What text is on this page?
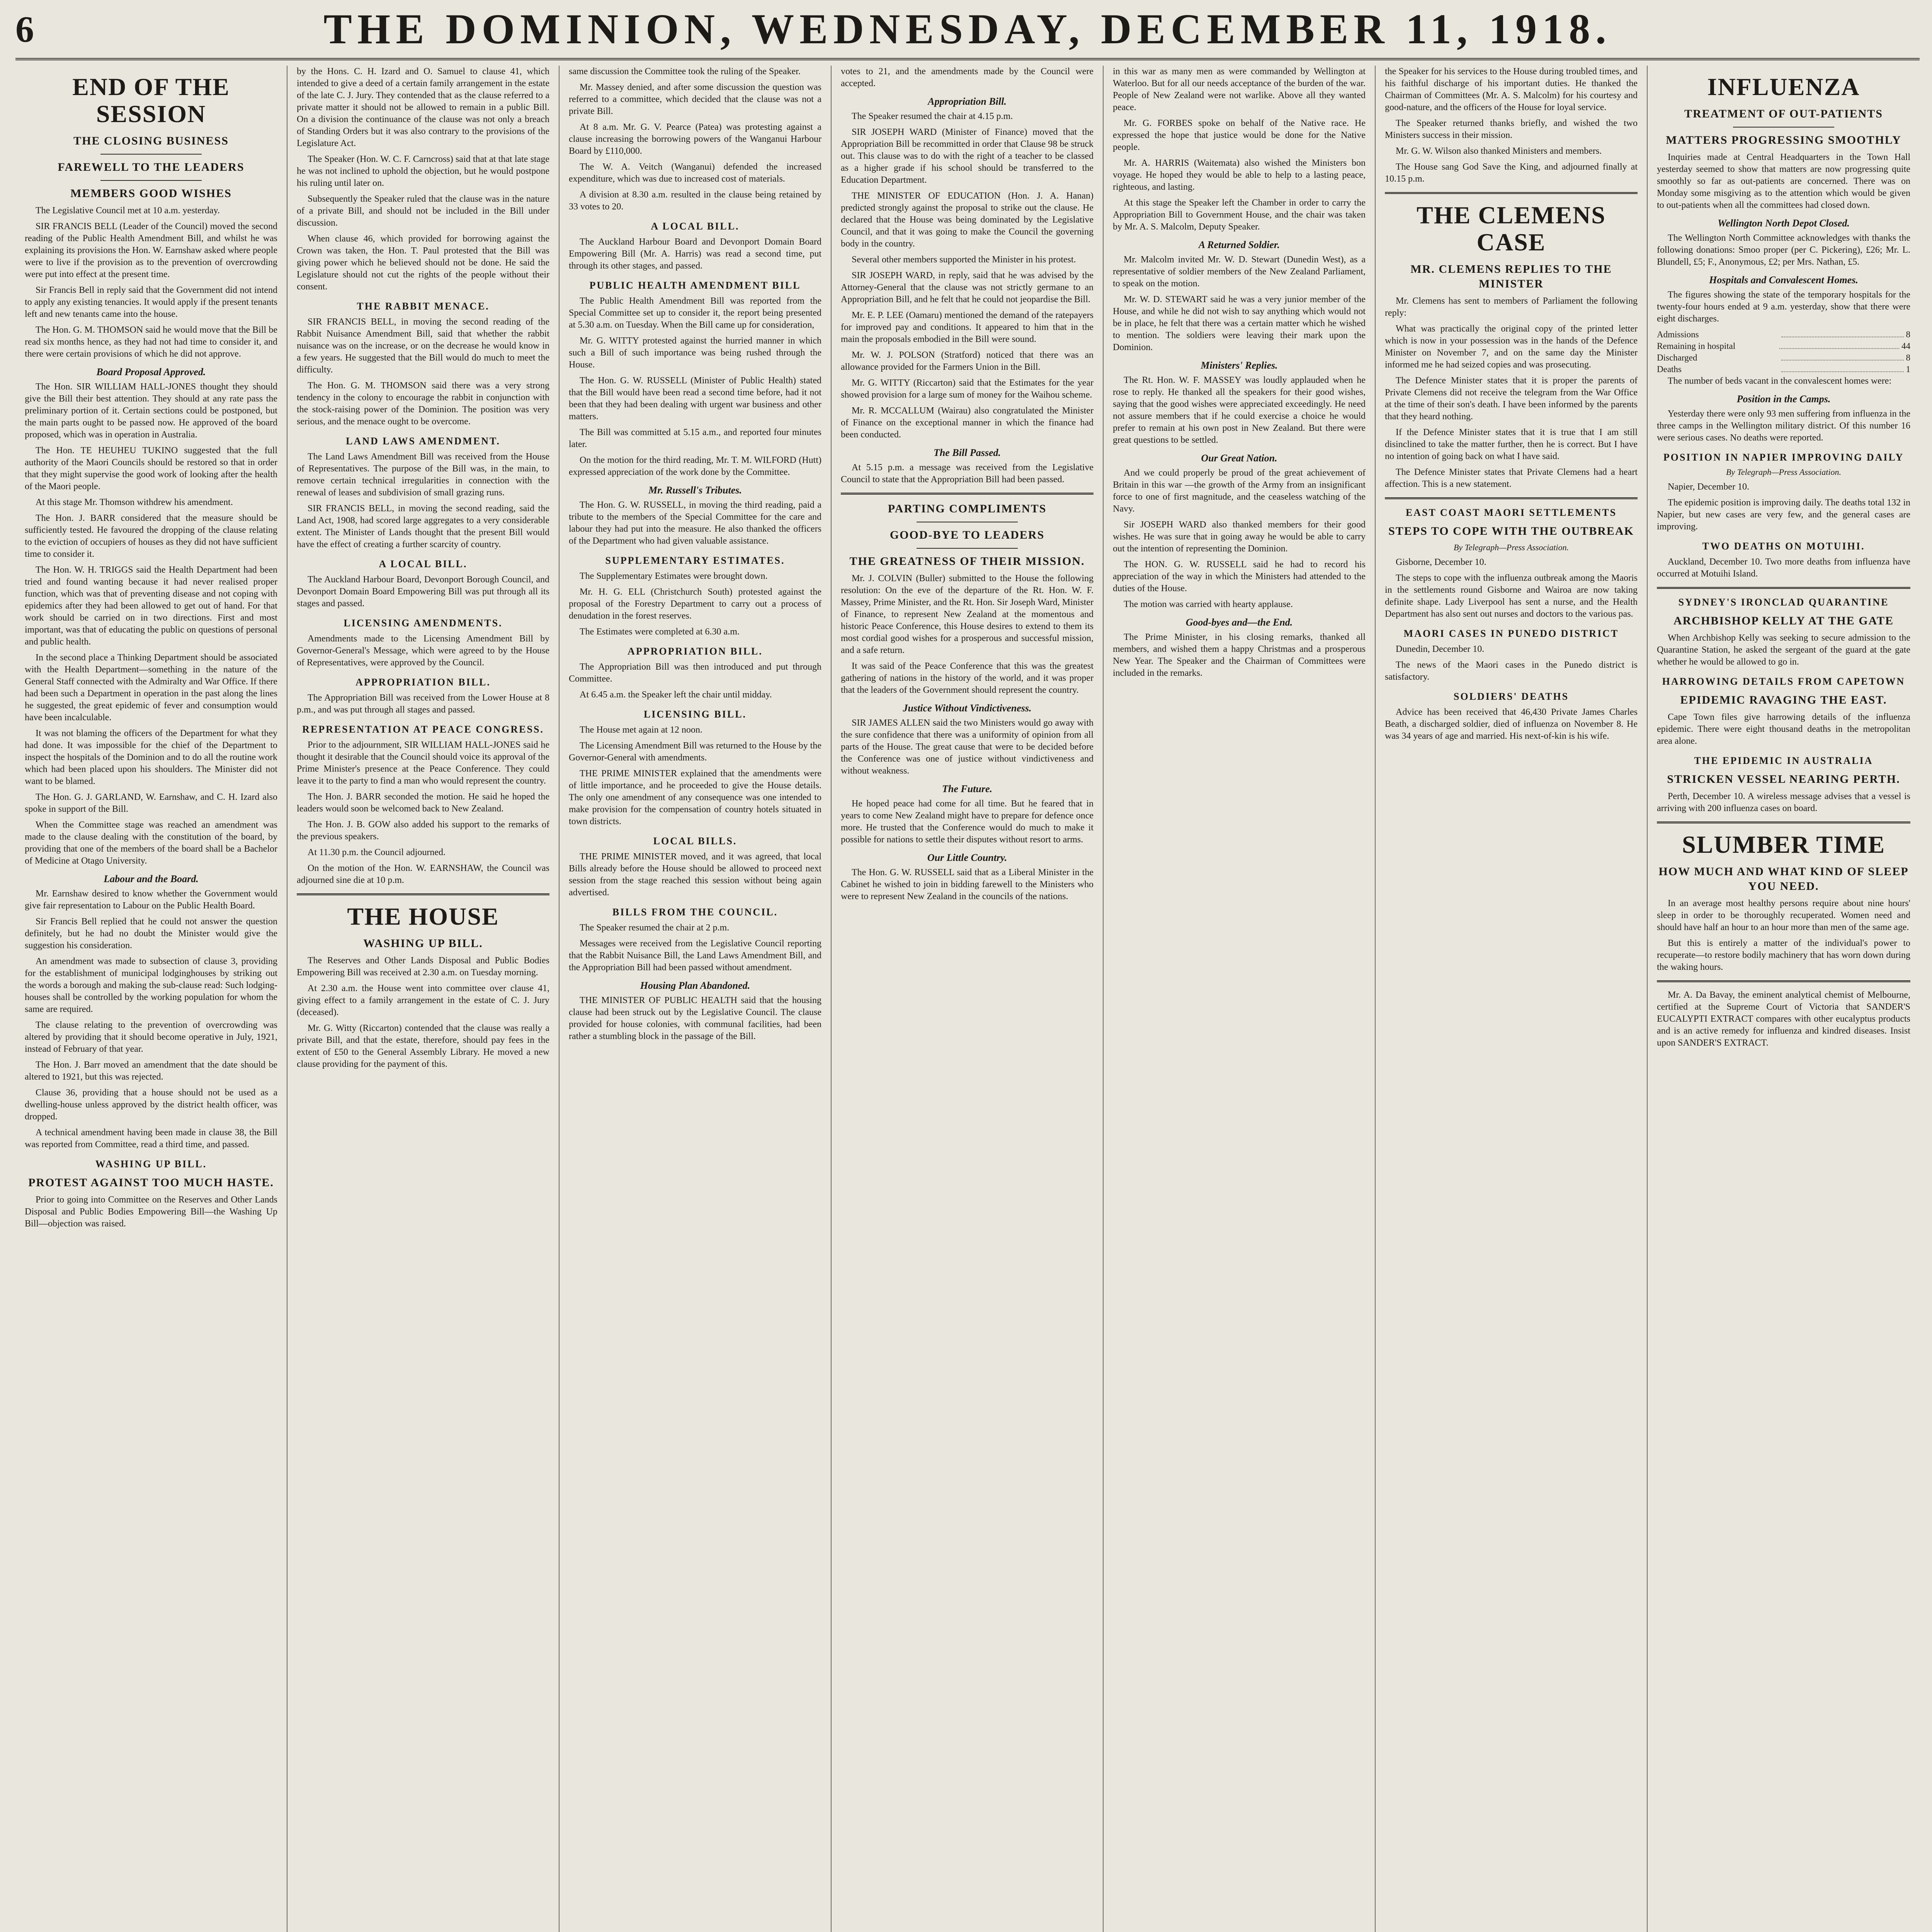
6	THE DOMINION, WEDNESDAY, DECEMBER 11, 1918.
END OF THE SESSION
THE CLOSING BUSINESS
FAREWELL TO THE LEADERS
MEMBERS GOOD WISHES

The Legislative Council met at 10 a.m. yesterday.

SIR FRANCIS BELL (Leader of the Council) moved the second reading of the Public Health Amendment Bill, and whilst he was explaining its provisions the Hon. W. Earnshaw asked where people were to live if the provision as to the prevention of overcrowding were put into effect at the present time.

Sir Francis Bell in reply said that the Government did not intend to apply any existing tenancies. It would apply if the present tenants left and new tenants came into the house.

The Hon. G. M. THOMSON said he would move that the Bill be read six months hence, as they had not had time to consider it, and there were certain provisions of which he did not approve.

Board Proposal Approved.

The Hon. SIR WILLIAM HALL-JONES thought they should give the Bill their best attention. They should at any rate pass the preliminary portion of it. Certain sections could be postponed, but the main parts ought to be passed now. He approved of the board proposed, which was in operation in Australia.

The Hon. TE HEUHEU TUKINO suggested that the full authority of the Maori Councils should be restored so that in order that they might supervise the good work of looking after the health of the Maori people.

At this stage Mr. Thomson withdrew his amendment.

The Hon. J. BARR considered that the measure should be sufficiently tested. He favoured the dropping of the clause relating to the eviction of occupiers of houses as they did not have sufficient time to consider it.

The Hon. W. H. TRIGGS said the Health Department had been tried and found wanting because it had never realised proper function, which was that of preventing disease and not coping with epidemics after they had been allowed to get out of hand. For that work should be carried on in two directions. First and most important, was that of educating the public on questions of personal and public health.

In the second place a Thinking Department should be associated with the Health Department—something in the nature of the General Staff connected with the Admiralty and War Office. If there had been such a Department in operation in the past along the lines he suggested, the great epidemic of fever and consumption would have been incalculable.

It was not blaming the officers of the Department for what they had done. It was impossible for the chief of the Department to inspect the hospitals of the Dominion and to do all the routine work which had been placed upon his shoulders. The Minister did not want to be blamed.

The Hon. G. J. GARLAND, W. Earnshaw, and C. H. Izard also spoke in support of the Bill.

When the Committee stage was reached an amendment was made to the clause dealing with the constitution of the board, by providing that one of the members of the board shall be a Bachelor of Medicine at Otago University.

Labour and the Board.

Mr. Earnshaw desired to know whether the Government would give fair representation to Labour on the Public Health Board.

Sir Francis Bell replied that he could not answer the question definitely, but he had no doubt the Minister would give the suggestion his consideration.

An amendment was made to subsection of clause 3, providing for the establishment of municipal lodginghouses by striking out the words a borough and making the sub-clause read: Such lodging-houses shall be controlled by the working population for whom the same are required.

The clause relating to the prevention of overcrowding was altered by providing that it should become operative in July, 1921, instead of February of that year.

The Hon. J. Barr moved an amendment that the date should be altered to 1921, but this was rejected.

Clause 36, providing that a house should not be used as a dwelling-house unless approved by the district health officer, was dropped.

A technical amendment having been made in clause 38, the Bill was reported from Committee, read a third time, and passed.

WASHING UP BILL.
PROTEST AGAINST TOO MUCH HASTE.

Prior to going into Committee on the Reserves and Other Lands Disposal and Public Bodies Empowering Bill—the Washing Up Bill—objection was raised.

by the Hons. C. H. Izard and O. Samuel to clause 41, which intended to give a deed of a certain family arrangement in the estate of the late C. J. Jury. They contended that as the clause referred to a private matter it should not be allowed to remain in a public Bill. On a division the continuance of the clause was not only a breach of Standing Orders but it was also contrary to the provisions of the Legislature Act.

The Speaker (Hon. W. C. F. Carncross) said that at that late stage he was not inclined to uphold the objection, but he would postpone his ruling until later on.

Subsequently the Speaker ruled that the clause was in the nature of a private Bill, and should not be included in the Bill under discussion.

When clause 46, which provided for borrowing against the Crown was taken, the Hon. T. Paul protested that the Bill was giving power which he believed should not be done. He said the Legislature should not cut the rights of the people without their consent.

THE RABBIT MENACE.

SIR FRANCIS BELL, in moving the second reading of the Rabbit Nuisance Amendment Bill, said that whether the rabbit nuisance was on the increase, or on the decrease he would know in a few years. He suggested that the Bill would do much to meet the difficulty.

The Hon. G. M. THOMSON said there was a very strong tendency in the colony to encourage the rabbit in conjunction with the stock-raising power of the Dominion. The position was very serious, and the menace ought to be overcome.

LAND LAWS AMENDMENT.

The Land Laws Amendment Bill was received from the House of Representatives. The purpose of the Bill was, in the main, to remove certain technical irregularities in connection with the renewal of leases and subdivision of small grazing runs.

SIR FRANCIS BELL, in moving the second reading, said the Land Act, 1908, had scored large aggregates to a very considerable extent. The Minister of Lands thought that the present Bill would have the effect of creating a further scarcity of country.

A LOCAL BILL.

The Auckland Harbour Board, Devonport Borough Council, and Devonport Domain Board Empowering Bill was put through all its stages and passed.

LICENSING AMENDMENTS.

Amendments made to the Licensing Amendment Bill by Governor-General's Message, which were agreed to by the House of Representatives, were approved by the Council.

APPROPRIATION BILL.

The Appropriation Bill was received from the Lower House at 8 p.m., and was put through all stages and passed.

REPRESENTATION AT PEACE CONGRESS.

Prior to the adjournment, SIR WILLIAM HALL-JONES said he thought it desirable that the Council should voice its approval of the Prime Minister's presence at the Peace Conference. They could leave it to the party to find a man who would represent the country.

The Hon. J. BARR seconded the motion. He said he hoped the leaders would soon be welcomed back to New Zealand.

The Hon. J. B. GOW also added his support to the remarks of the previous speakers.

At 11.30 p.m. the Council adjourned.

On the motion of the Hon. W. EARNSHAW, the Council was adjourned sine die at 10 p.m.

THE HOUSE
WASHING UP BILL.

The Reserves and Other Lands Disposal and Public Bodies Empowering Bill was received at 2.30 a.m. on Tuesday morning.

At 2.30 a.m. the House went into committee over clause 41, giving effect to a family arrangement in the estate of C. J. Jury (deceased).

Mr. G. Witty (Riccarton) contended that the clause was really a private Bill, and that the estate, therefore, should pay fees in the extent of £50 to the General Assembly Library. He moved a new clause providing for the payment of this.

same discussion the Committee took the ruling of the Speaker.

Mr. Massey denied, and after some discussion the question was referred to a committee, which decided that the clause was not a private Bill.

At 8 a.m. Mr. G. V. Pearce (Patea) was protesting against a clause increasing the borrowing powers of the Wanganui Harbour Board by £110,000.

The W. A. Veitch (Wanganui) defended the increased expenditure, which was due to increased cost of materials.

A division at 8.30 a.m. resulted in the clause being retained by 33 votes to 20.

A LOCAL BILL.

The Auckland Harbour Board and Devonport Domain Board Empowering Bill (Mr. A. Harris) was read a second time, put through its other stages, and passed.

PUBLIC HEALTH AMENDMENT BILL

The Public Health Amendment Bill was reported from the Special Committee set up to consider it, the report being presented at 5.30 a.m. on Tuesday. When the Bill came up for consideration,

Mr. G. WITTY protested against the hurried manner in which such a Bill of such importance was being rushed through the House.

The Hon. G. W. RUSSELL (Minister of Public Health) stated that the Bill would have been read a second time before, had it not been that they had been dealing with urgent war business and other matters.

The Bill was committed at 5.15 a.m., and reported four minutes later.

On the motion for the third reading, Mr. T. M. WILFORD (Hutt) expressed appreciation of the work done by the Committee.

Mr. Russell's Tributes.

The Hon. G. W. RUSSELL, in moving the third reading, paid a tribute to the members of the Special Committee for the care and labour they had put into the measure. He also thanked the officers of the Department who had given valuable assistance.

SUPPLEMENTARY ESTIMATES.

The Supplementary Estimates were brought down.

Mr. H. G. ELL (Christchurch South) protested against the proposal of the Forestry Department to carry out a process of denudation in the forest reserves.

The Estimates were completed at 6.30 a.m.

APPROPRIATION BILL.

The Appropriation Bill was then introduced and put through Committee.

At 6.45 a.m. the Speaker left the chair until midday.

LICENSING BILL.

The House met again at 12 noon.

The Licensing Amendment Bill was returned to the House by the Governor-General with amendments.

THE PRIME MINISTER explained that the amendments were of little importance, and he proceeded to give the House details. The only one amendment of any consequence was one intended to make provision for the compensation of country hotels situated in town districts.

LOCAL BILLS.

THE PRIME MINISTER moved, and it was agreed, that local Bills already before the House should be allowed to proceed next session from the stage reached this session without being again advertised.

BILLS FROM THE COUNCIL.

The Speaker resumed the chair at 2 p.m.

Messages were received from the Legislative Council reporting that the Rabbit Nuisance Bill, the Land Laws Amendment Bill, and the Appropriation Bill had been passed without amendment.

Housing Plan Abandoned.

THE MINISTER OF PUBLIC HEALTH said that the housing clause had been struck out by the Legislative Council. The clause provided for house colonies, with communal facilities, had been rather a stumbling block in the passage of the Bill.

votes to 21, and the amendments made by the Council were accepted.

Appropriation Bill.

The Speaker resumed the chair at 4.15 p.m.

SIR JOSEPH WARD (Minister of Finance) moved that the Appropriation Bill be recommitted in order that Clause 98 be struck out. This clause was to do with the right of a teacher to be classed as a higher grade if his school should be transferred to the Education Department.

THE MINISTER OF EDUCATION (Hon. J. A. Hanan) predicted strongly against the proposal to strike out the clause. He declared that the House was being dominated by the Legislative Council, and that it was going to make the Council the governing body in the country.

Several other members supported the Minister in his protest.

SIR JOSEPH WARD, in reply, said that he was advised by the Attorney-General that the clause was not strictly germane to an Appropriation Bill, and he felt that he could not jeopardise the Bill.

Mr. E. P. LEE (Oamaru) mentioned the demand of the ratepayers for improved pay and conditions. It appeared to him that in the main the proposals embodied in the Bill were sound.

Mr. W. J. POLSON (Stratford) noticed that there was an allowance provided for the Farmers Union in the Bill.

Mr. G. WITTY (Riccarton) said that the Estimates for the year showed provision for a large sum of money for the Waihou scheme.

Mr. R. MCCALLUM (Wairau) also congratulated the Minister of Finance on the exceptional manner in which the finance had been conducted.

The Bill Passed.

At 5.15 p.m. a message was received from the Legislative Council to state that the Appropriation Bill had been passed.

PARTING COMPLIMENTS
GOOD-BYE TO LEADERS
THE GREATNESS OF THEIR MISSION.

Mr. J. COLVIN (Buller) submitted to the House the following resolution: On the eve of the departure of the Rt. Hon. W. F. Massey, Prime Minister, and the Rt. Hon. Sir Joseph Ward, Minister of Finance, to represent New Zealand at the momentous and historic Peace Conference, this House desires to extend to them its most cordial good wishes for a prosperous and successful mission, and a safe return.

It was said of the Peace Conference that this was the greatest gathering of nations in the history of the world, and it was proper that the leaders of the Government should represent the country.

Justice Without Vindictiveness.

SIR JAMES ALLEN said the two Ministers would go away with the sure confidence that there was a uniformity of opinion from all parts of the House. The great cause that were to be decided before the Conference was one of justice without vindictiveness and without weakness.

The Future.

He hoped peace had come for all time. But he feared that in years to come New Zealand might have to prepare for defence once more. He trusted that the Conference would do much to make it possible for nations to settle their disputes without resort to arms.

Our Little Country.

The Hon. G. W. RUSSELL said that as a Liberal Minister in the Cabinet he wished to join in bidding farewell to the Ministers who were to represent New Zealand in the councils of the nations.

in this war as many men as were commanded by Wellington at Waterloo. But for all our needs acceptance of the burden of the war. People of New Zealand were not warlike. Above all they wanted peace.

Mr. G. FORBES spoke on behalf of the Native race. He expressed the hope that justice would be done for the Native people.

Mr. A. HARRIS (Waitemata) also wished the Ministers bon voyage. He hoped they would be able to help to a lasting peace, righteous, and lasting.

At this stage the Speaker left the Chamber in order to carry the Appropriation Bill to Government House, and the chair was taken by Mr. A. S. Malcolm, Deputy Speaker.

A Returned Soldier.

Mr. Malcolm invited Mr. W. D. Stewart (Dunedin West), as a representative of soldier members of the New Zealand Parliament, to speak on the motion.

Mr. W. D. STEWART said he was a very junior member of the House, and while he did not wish to say anything which would not be in place, he felt that there was a certain matter which he wished to mention. The soldiers were leaving their mark upon the Dominion.

Ministers' Replies.

The Rt. Hon. W. F. MASSEY was loudly applauded when he rose to reply. He thanked all the speakers for their good wishes, saying that the good wishes were appreciated exceedingly. He need not assure members that if he could exercise a choice he would prefer to remain at his own post in New Zealand. But there were great questions to be settled.

Our Great Nation.

And we could properly be proud of the great achievement of Britain in this war —the growth of the Army from an insignificant force to one of first magnitude, and the ceaseless watching of the Navy.

Sir JOSEPH WARD also thanked members for their good wishes. He was sure that in going away he would be able to carry out the intention of representing the Dominion.

The HON. G. W. RUSSELL said he had to record his appreciation of the way in which the Ministers had attended to the duties of the House.

The motion was carried with hearty applause.

Good-byes and—the End.

The Prime Minister, in his closing remarks, thanked all members, and wished them a happy Christmas and a prosperous New Year. The Speaker and the Chairman of Committees were included in the remarks.

the Speaker for his services to the House during troubled times, and his faithful discharge of his important duties. He thanked the Chairman of Committees (Mr. A. S. Malcolm) for his courtesy and good-nature, and the officers of the House for loyal service.

The Speaker returned thanks briefly, and wished the two Ministers success in their mission.

Mr. G. W. Wilson also thanked Ministers and members.

The House sang God Save the King, and adjourned finally at 10.15 p.m.

THE CLEMENS CASE
MR. CLEMENS REPLIES TO THE MINISTER

Mr. Clemens has sent to members of Parliament the following reply:

What was practically the original copy of the printed letter which is now in your possession was in the hands of the Defence Minister on November 7, and on the same day the Minister informed me he had seized copies and was prosecuting.

The Defence Minister states that it is proper the parents of Private Clemens did not receive the telegram from the War Office at the time of their son's death. I have been informed by the parents that they heard nothing.

If the Defence Minister states that it is true that I am still disinclined to take the matter further, then he is correct. But I have no intention of going back on what I have said.

The Defence Minister states that Private Clemens had a heart affection. This is a new statement.

EAST COAST MAORI SETTLEMENTS
STEPS TO COPE WITH THE OUTBREAK
By Telegraph—Press Association.

Gisborne, December 10.

The steps to cope with the influenza outbreak among the Maoris in the settlements round Gisborne and Wairoa are now taking definite shape. Lady Liverpool has sent a nurse, and the Health Department has also sent out nurses and doctors to the various pas.

MAORI CASES IN PUNEDO DISTRICT

Dunedin, December 10.

The news of the Maori cases in the Punedo district is satisfactory.

SOLDIERS' DEATHS

Advice has been received that 46,430 Private James Charles Beath, a discharged soldier, died of influenza on November 8. He was 34 years of age and married. His next-of-kin is his wife.

INFLUENZA
TREATMENT OF OUT-PATIENTS
MATTERS PROGRESSING SMOOTHLY

Inquiries made at Central Headquarters in the Town Hall yesterday seemed to show that matters are now progressing quite smoothly so far as out-patients are concerned. There was on Monday some misgiving as to the attention which would be given to out-patients when all the committees had closed down.

Wellington North Depot Closed.

The Wellington North Committee acknowledges with thanks the following donations: Smoo proper (per C. Pickering), £26; Mr. L. Blundell, £5; F., Anonymous, £2; per Mrs. Nathan, £5.

Hospitals and Convalescent Homes.

The figures showing the state of the temporary hospitals for the twenty-four hours ended at 9 a.m. yesterday, show that there were eight discharges.

Admissions	8
Remaining in hospital	44
Discharged	8
Deaths	1

The number of beds vacant in the convalescent homes were:

Position in the Camps.

Yesterday there were only 93 men suffering from influenza in the three camps in the Wellington military district. Of this number 16 were serious cases. No deaths were reported.

POSITION IN NAPIER IMPROVING DAILY
By Telegraph—Press Association.

Napier, December 10.

The epidemic position is improving daily. The deaths total 132 in Napier, but new cases are very few, and the general cases are improving.

TWO DEATHS ON MOTUIHI.

Auckland, December 10. Two more deaths from influenza have occurred at Motuihi Island.

SYDNEY'S IRONCLAD QUARANTINE
ARCHBISHOP KELLY AT THE GATE

When Archbishop Kelly was seeking to secure admission to the Quarantine Station, he asked the sergeant of the guard at the gate whether he would be allowed to go in.

HARROWING DETAILS FROM CAPETOWN
EPIDEMIC RAVAGING THE EAST.

Cape Town files give harrowing details of the influenza epidemic. There were eight thousand deaths in the metropolitan area alone.

THE EPIDEMIC IN AUSTRALIA
STRICKEN VESSEL NEARING PERTH.

Perth, December 10. A wireless message advises that a vessel is arriving with 200 influenza cases on board.

SLUMBER TIME
HOW MUCH AND WHAT KIND OF SLEEP YOU NEED.

In an average most healthy persons require about nine hours' sleep in order to be thoroughly recuperated. Women need and should have half an hour to an hour more than men of the same age.

But this is entirely a matter of the individual's power to recuperate—to restore bodily machinery that has worn down during the waking hours.

Mr. A. Da Bavay, the eminent analytical chemist of Melbourne, certified at the Supreme Court of Victoria that SANDER'S EUCALYPTI EXTRACT compares with other eucalyptus products and is an active remedy for influenza and kindred diseases. Insist upon SANDER'S EXTRACT.
